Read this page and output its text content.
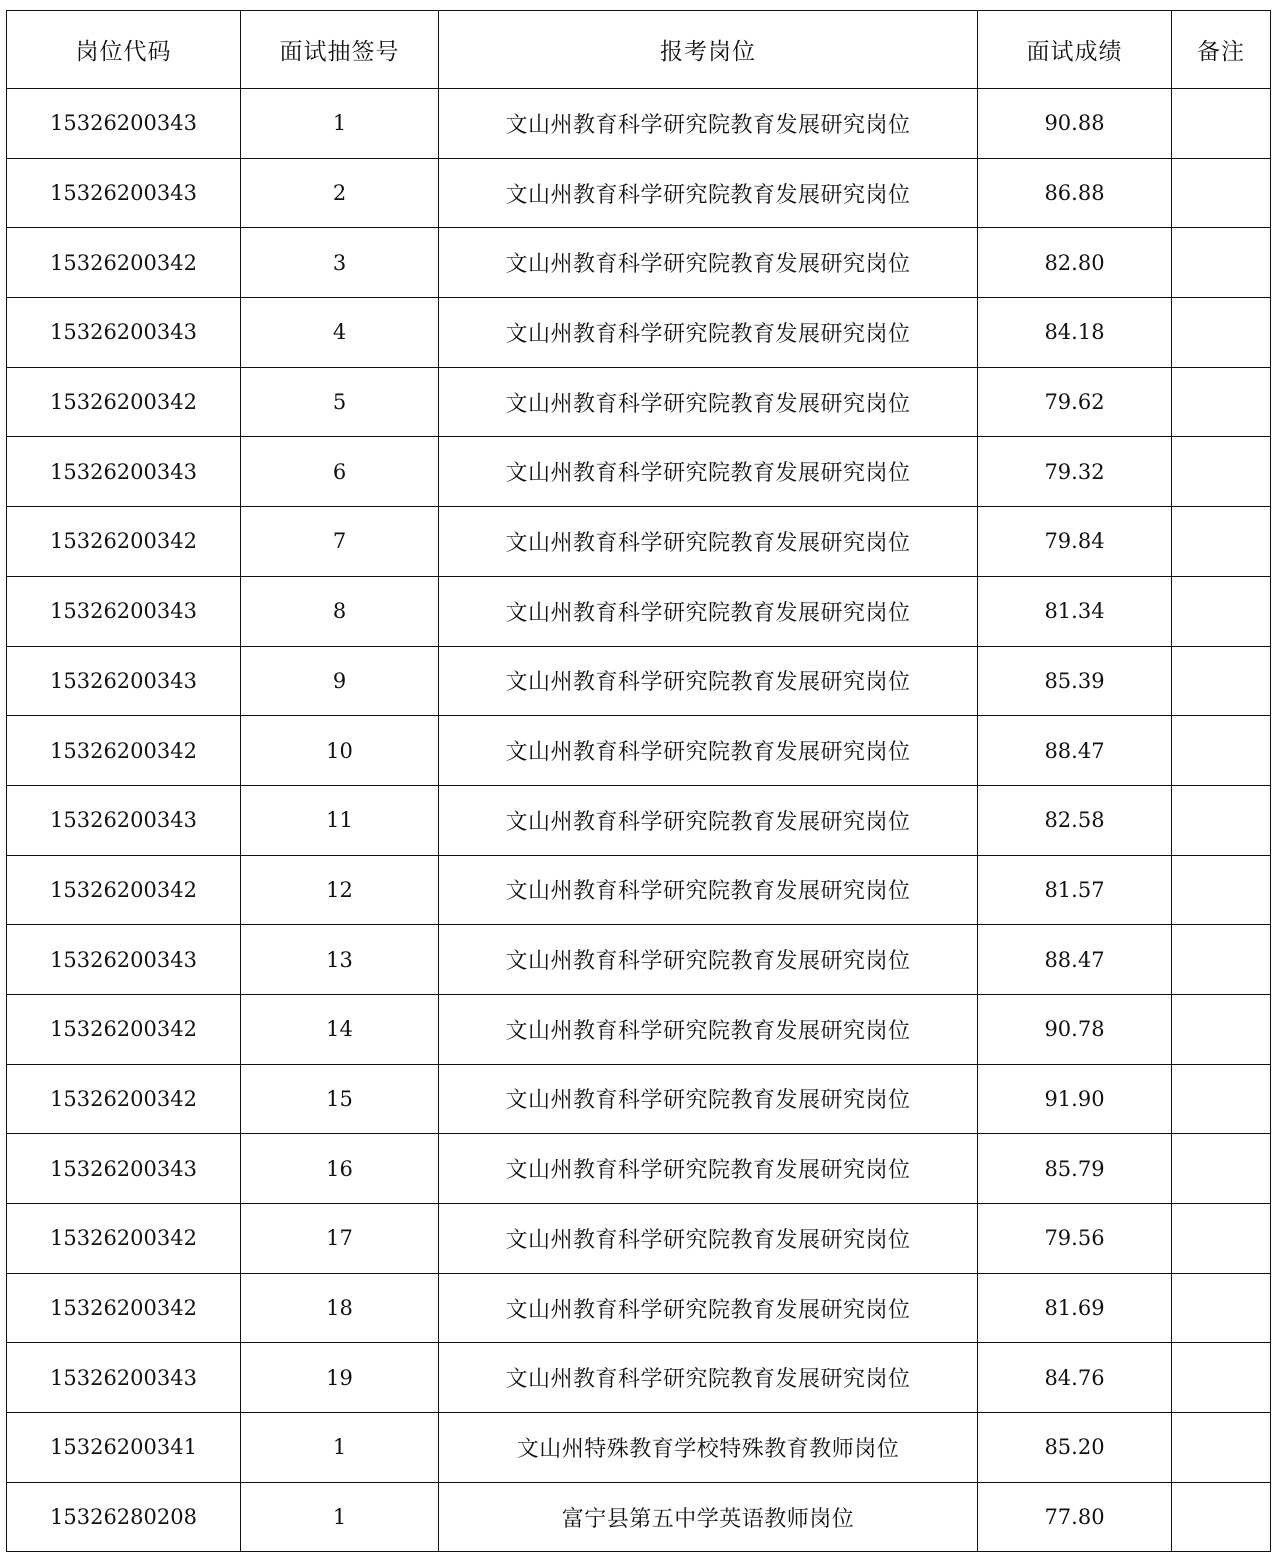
岗位代码	面试抽签号	报考岗位	面试成绩	备注
15326200343	1	文山州教育科学研究院教育发展研究岗位	90.88	
15326200343	2	文山州教育科学研究院教育发展研究岗位	86.88	
15326200342	3	文山州教育科学研究院教育发展研究岗位	82.80	
15326200343	4	文山州教育科学研究院教育发展研究岗位	84.18	
15326200342	5	文山州教育科学研究院教育发展研究岗位	79.62	
15326200343	6	文山州教育科学研究院教育发展研究岗位	79.32	
15326200342	7	文山州教育科学研究院教育发展研究岗位	79.84	
15326200343	8	文山州教育科学研究院教育发展研究岗位	81.34	
15326200343	9	文山州教育科学研究院教育发展研究岗位	85.39	
15326200342	10	文山州教育科学研究院教育发展研究岗位	88.47	
15326200343	11	文山州教育科学研究院教育发展研究岗位	82.58	
15326200342	12	文山州教育科学研究院教育发展研究岗位	81.57	
15326200343	13	文山州教育科学研究院教育发展研究岗位	88.47	
15326200342	14	文山州教育科学研究院教育发展研究岗位	90.78	
15326200342	15	文山州教育科学研究院教育发展研究岗位	91.90	
15326200343	16	文山州教育科学研究院教育发展研究岗位	85.79	
15326200342	17	文山州教育科学研究院教育发展研究岗位	79.56	
15326200342	18	文山州教育科学研究院教育发展研究岗位	81.69	
15326200343	19	文山州教育科学研究院教育发展研究岗位	84.76	
15326200341	1	文山州特殊教育学校特殊教育教师岗位	85.20	
15326280208	1	富宁县第五中学英语教师岗位	77.80	
